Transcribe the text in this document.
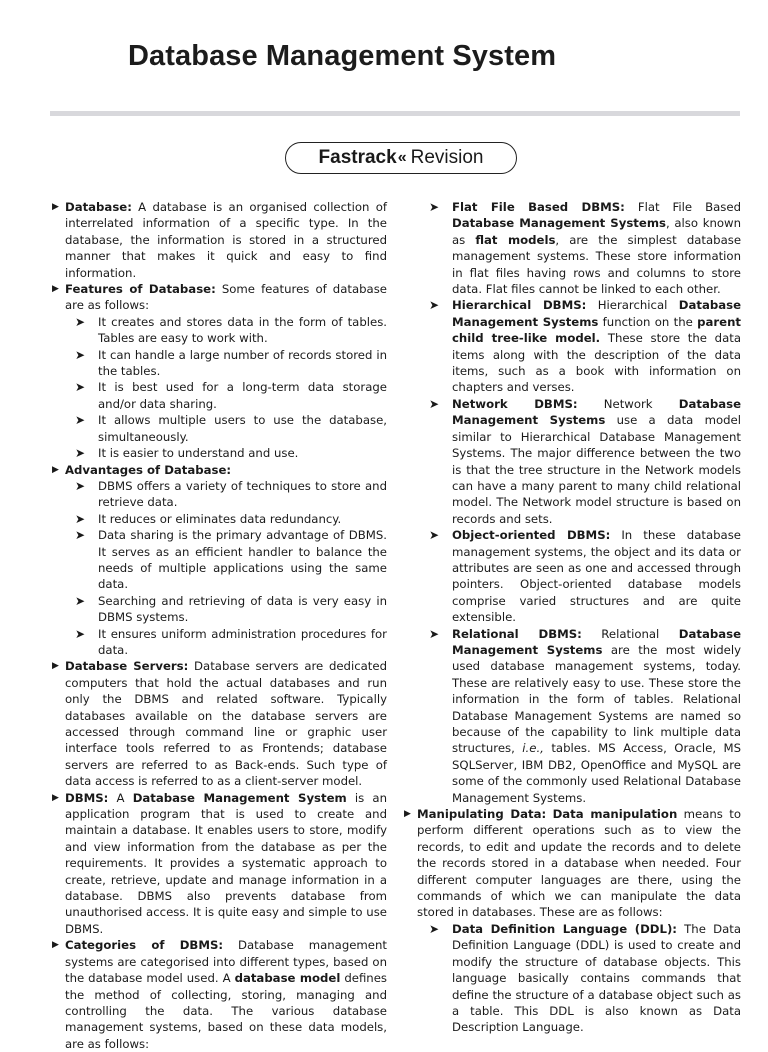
Database Management System
Fastrack « Revision
▶ Database: A database is an organised collection of interrelated information of a specific type. In the database, the information is stored in a structured manner that makes it quick and easy to find information.
▶ Features of Database: Some features of database are as follows:
➤ It creates and stores data in the form of tables. Tables are easy to work with.
➤ It can handle a large number of records stored in the tables.
➤ It is best used for a long-term data storage and/or data sharing.
➤ It allows multiple users to use the database, simultaneously.
➤ It is easier to understand and use.
▶ Advantages of Database:
➤ DBMS offers a variety of techniques to store and retrieve data.
➤ It reduces or eliminates data redundancy.
➤ Data sharing is the primary advantage of DBMS. It serves as an efficient handler to balance the needs of multiple applications using the same data.
➤ Searching and retrieving of data is very easy in DBMS systems.
➤ It ensures uniform administration procedures for data.
▶ Database Servers: Database servers are dedicated computers that hold the actual databases and run only the DBMS and related software. Typically databases available on the database servers are accessed through command line or graphic user interface tools referred to as Frontends; database servers are referred to as Back-ends. Such type of data access is referred to as a client-server model.
▶ DBMS: A Database Management System is an application program that is used to create and maintain a database. It enables users to store, modify and view information from the database as per the requirements. It provides a systematic approach to create, retrieve, update and manage information in a database. DBMS also prevents database from unauthorised access. It is quite easy and simple to use DBMS.
▶ Categories of DBMS: Database management systems are categorised into different types, based on the database model used. A database model defines the method of collecting, storing, managing and controlling the data. The various database management systems, based on these data models, are as follows:
➤ Flat File Based DBMS: Flat File Based Database Management Systems, also known as flat models, are the simplest database management systems. These store information in flat files having rows and columns to store data. Flat files cannot be linked to each other.
➤ Hierarchical DBMS: Hierarchical Database Management Systems function on the parent child tree-like model. These store the data items along with the description of the data items, such as a book with information on chapters and verses.
➤ Network DBMS: Network Database Management Systems use a data model similar to Hierarchical Database Management Systems. The major difference between the two is that the tree structure in the Network models can have a many parent to many child relational model. The Network model structure is based on records and sets.
➤ Object-oriented DBMS: In these database management systems, the object and its data or attributes are seen as one and accessed through pointers. Object-oriented database models comprise varied structures and are quite extensible.
➤ Relational DBMS: Relational Database Management Systems are the most widely used database management systems, today. These are relatively easy to use. These store the information in the form of tables. Relational Database Management Systems are named so because of the capability to link multiple data structures, i.e., tables. MS Access, Oracle, MS SQLServer, IBM DB2, OpenOffice and MySQL are some of the commonly used Relational Database Management Systems.
▶ Manipulating Data: Data manipulation means to perform different operations such as to view the records, to edit and update the records and to delete the records stored in a database when needed. Four different computer languages are there, using the commands of which we can manipulate the data stored in databases. These are as follows:
➤ Data Definition Language (DDL): The Data Definition Language (DDL) is used to create and modify the structure of database objects. This language basically contains commands that define the structure of a database object such as a table. This DDL is also known as Data Description Language.
